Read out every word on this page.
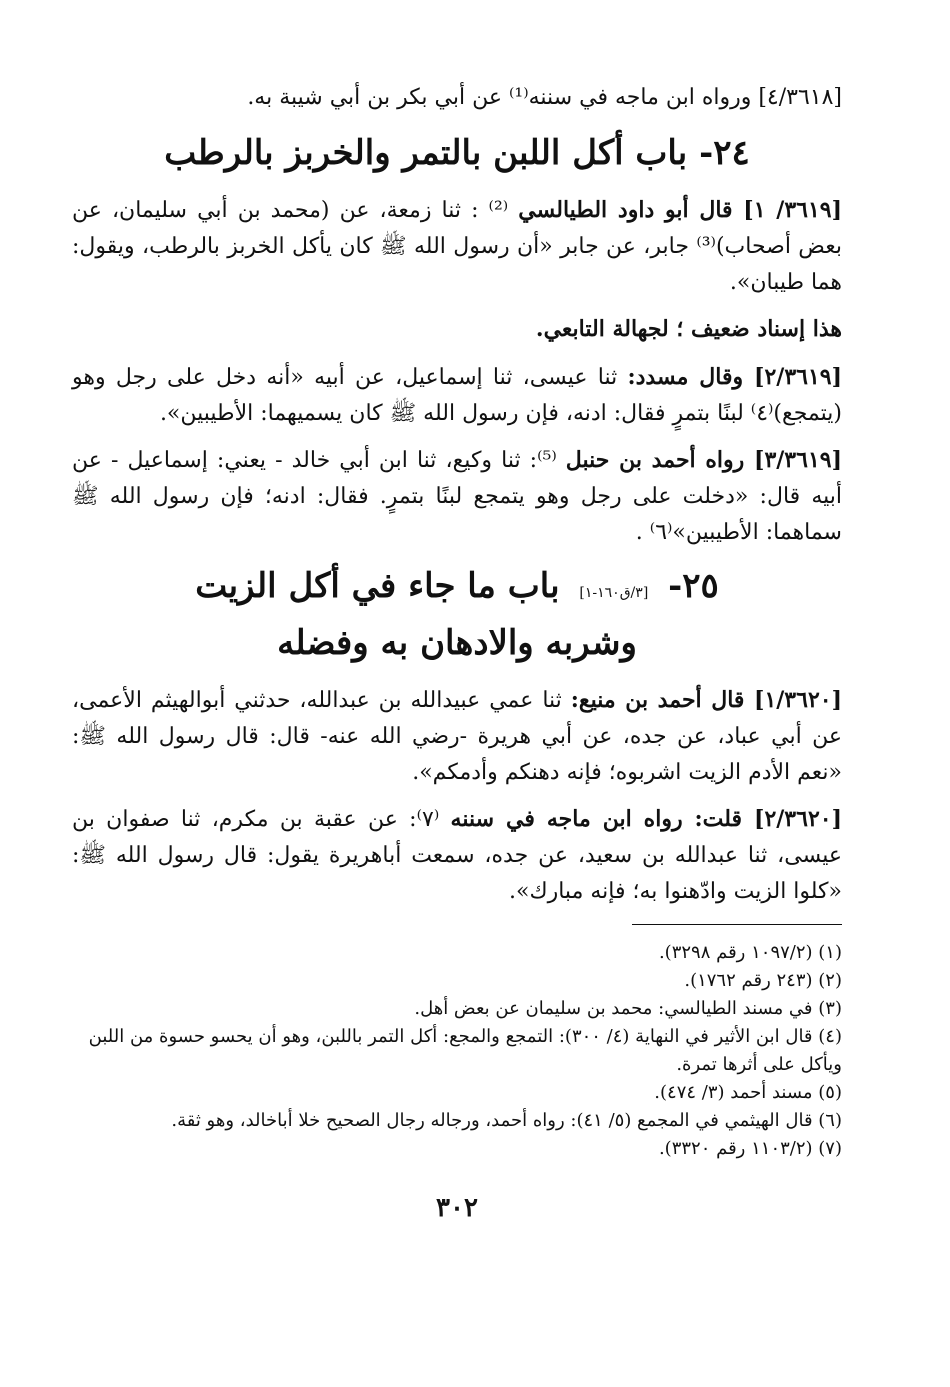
[٤/٣٦١٨] ورواه ابن ماجه في سننه⁽¹⁾ عن أبي بكر بن أبي شيبة به.

٢٤- باب أكل اللبن بالتمر والخربز بالرطب

[٣٦١٩/ ١] قال أبو داود الطيالسي ⁽²⁾ : ثنا زمعة، عن (محمد بن أبي سليمان، عن بعض أصحاب)⁽³⁾ جابر، عن جابر «أن رسول الله ﷺ كان يأكل الخربز بالرطب، ويقول: هما طيبان».

هذا إسناد ضعيف ؛ لجهالة التابعي.

[٢/٣٦١٩] وقال مسدد: ثنا عيسى، ثنا إسماعيل، عن أبيه «أنه دخل على رجل وهو (يتمجع)⁽٤⁾ لبنًا بتمرٍ فقال: ادنه، فإن رسول الله ﷺ كان يسميهما: الأطيبين».

[٣/٣٦١٩] رواه أحمد بن حنبل ⁽⁵⁾: ثنا وكيع، ثنا ابن أبي خالد - يعني: إسماعيل - عن أبيه قال: «دخلت على رجل وهو يتمجع لبنًا بتمرٍ. فقال: ادنه؛ فإن رسول الله ﷺ سماهما: الأطيبين»⁽٦⁾ .

٢٥- [٣/ق١٦٠-١] باب ما جاء في أكل الزيت
وشربه والادهان به وفضله

[١/٣٦٢٠] قال أحمد بن منيع: ثنا عمي عبيدالله بن عبدالله، حدثني أبوالهيثم الأعمى، عن أبي عباد، عن جده، عن أبي هريرة -رضي الله عنه- قال: قال رسول الله ﷺ: «نعم الأدم الزيت اشربوه؛ فإنه دهنكم وأدمكم».

[٢/٣٦٢٠] قلت: رواه ابن ماجه في سننه ⁽٧⁾: عن عقبة بن مكرم، ثنا صفوان بن عيسى، ثنا عبدالله بن سعيد، عن جده، سمعت أباهريرة يقول: قال رسول الله ﷺ: «كلوا الزيت وادّهنوا به؛ فإنه مبارك».

(١) (١٠٩٧/٢ رقم ٣٢٩٨).

(٢) (٢٤٣ رقم ١٧٦٢).

(٣) في مسند الطيالسي: محمد بن سليمان عن بعض أهل.

(٤) قال ابن الأثير في النهاية (٤/ ٣٠٠): التمجع والمجع: أكل التمر باللبن، وهو أن يحسو حسوة من اللبن ويأكل على أثرها تمرة.

(٥) مسند أحمد (٣/ ٤٧٤).

(٦) قال الهيثمي في المجمع (٥/ ٤١): رواه أحمد، ورجاله رجال الصحيح خلا أباخالد، وهو ثقة.

(٧) (١١٠٣/٢ رقم ٣٣٢٠).

٣٠٢
